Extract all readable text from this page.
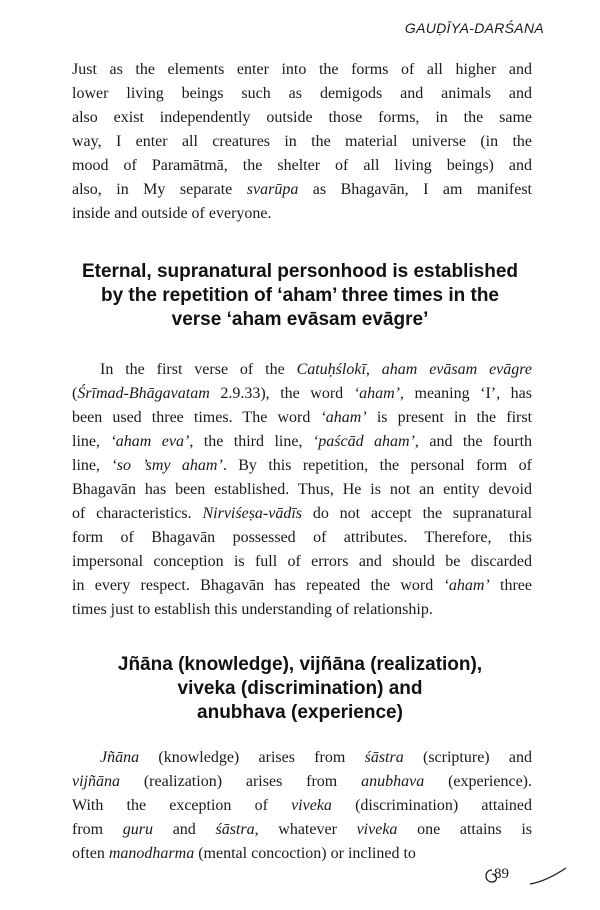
GAUḌĪYA-DARŚANA
Just as the elements enter into the forms of all higher and
lower living beings such as demigods and animals and
also exist independently outside those forms, in the same
way, I enter all creatures in the material universe (in the
mood of Paramātmā, the shelter of all living beings) and
also, in My separate svarūpa as Bhagavān, I am manifest
inside and outside of everyone.
Eternal, supranatural personhood is established
by the repetition of ‘aham’ three times in the
verse ‘aham evāsam evāgre’
In the first verse of the Catuḥślokī, aham evāsam evāgre
(Śrīmad-Bhāgavatam 2.9.33), the word ‘aham’, meaning ‘I’, has
been used three times. The word ‘aham’ is present in the first
line, ‘aham eva’, the third line, ‘paścād aham’, and the fourth
line, ‘so ’smy aham’. By this repetition, the personal form of
Bhagavān has been established. Thus, He is not an entity devoid
of characteristics. Nirviśeṣa-vādīs do not accept the supranatural
form of Bhagavān possessed of attributes. Therefore, this
impersonal conception is full of errors and should be discarded
in every respect. Bhagavān has repeated the word ‘aham’ three
times just to establish this understanding of relationship.
Jñāna (knowledge), vijñāna (realization),
viveka (discrimination) and
anubhava (experience)
Jñāna (knowledge) arises from śāstra (scripture) and
vijñāna (realization) arises from anubhava (experience).
With the exception of viveka (discrimination) attained
from guru and śāstra, whatever viveka one attains is
often manodharma (mental concoction) or inclined to
89
